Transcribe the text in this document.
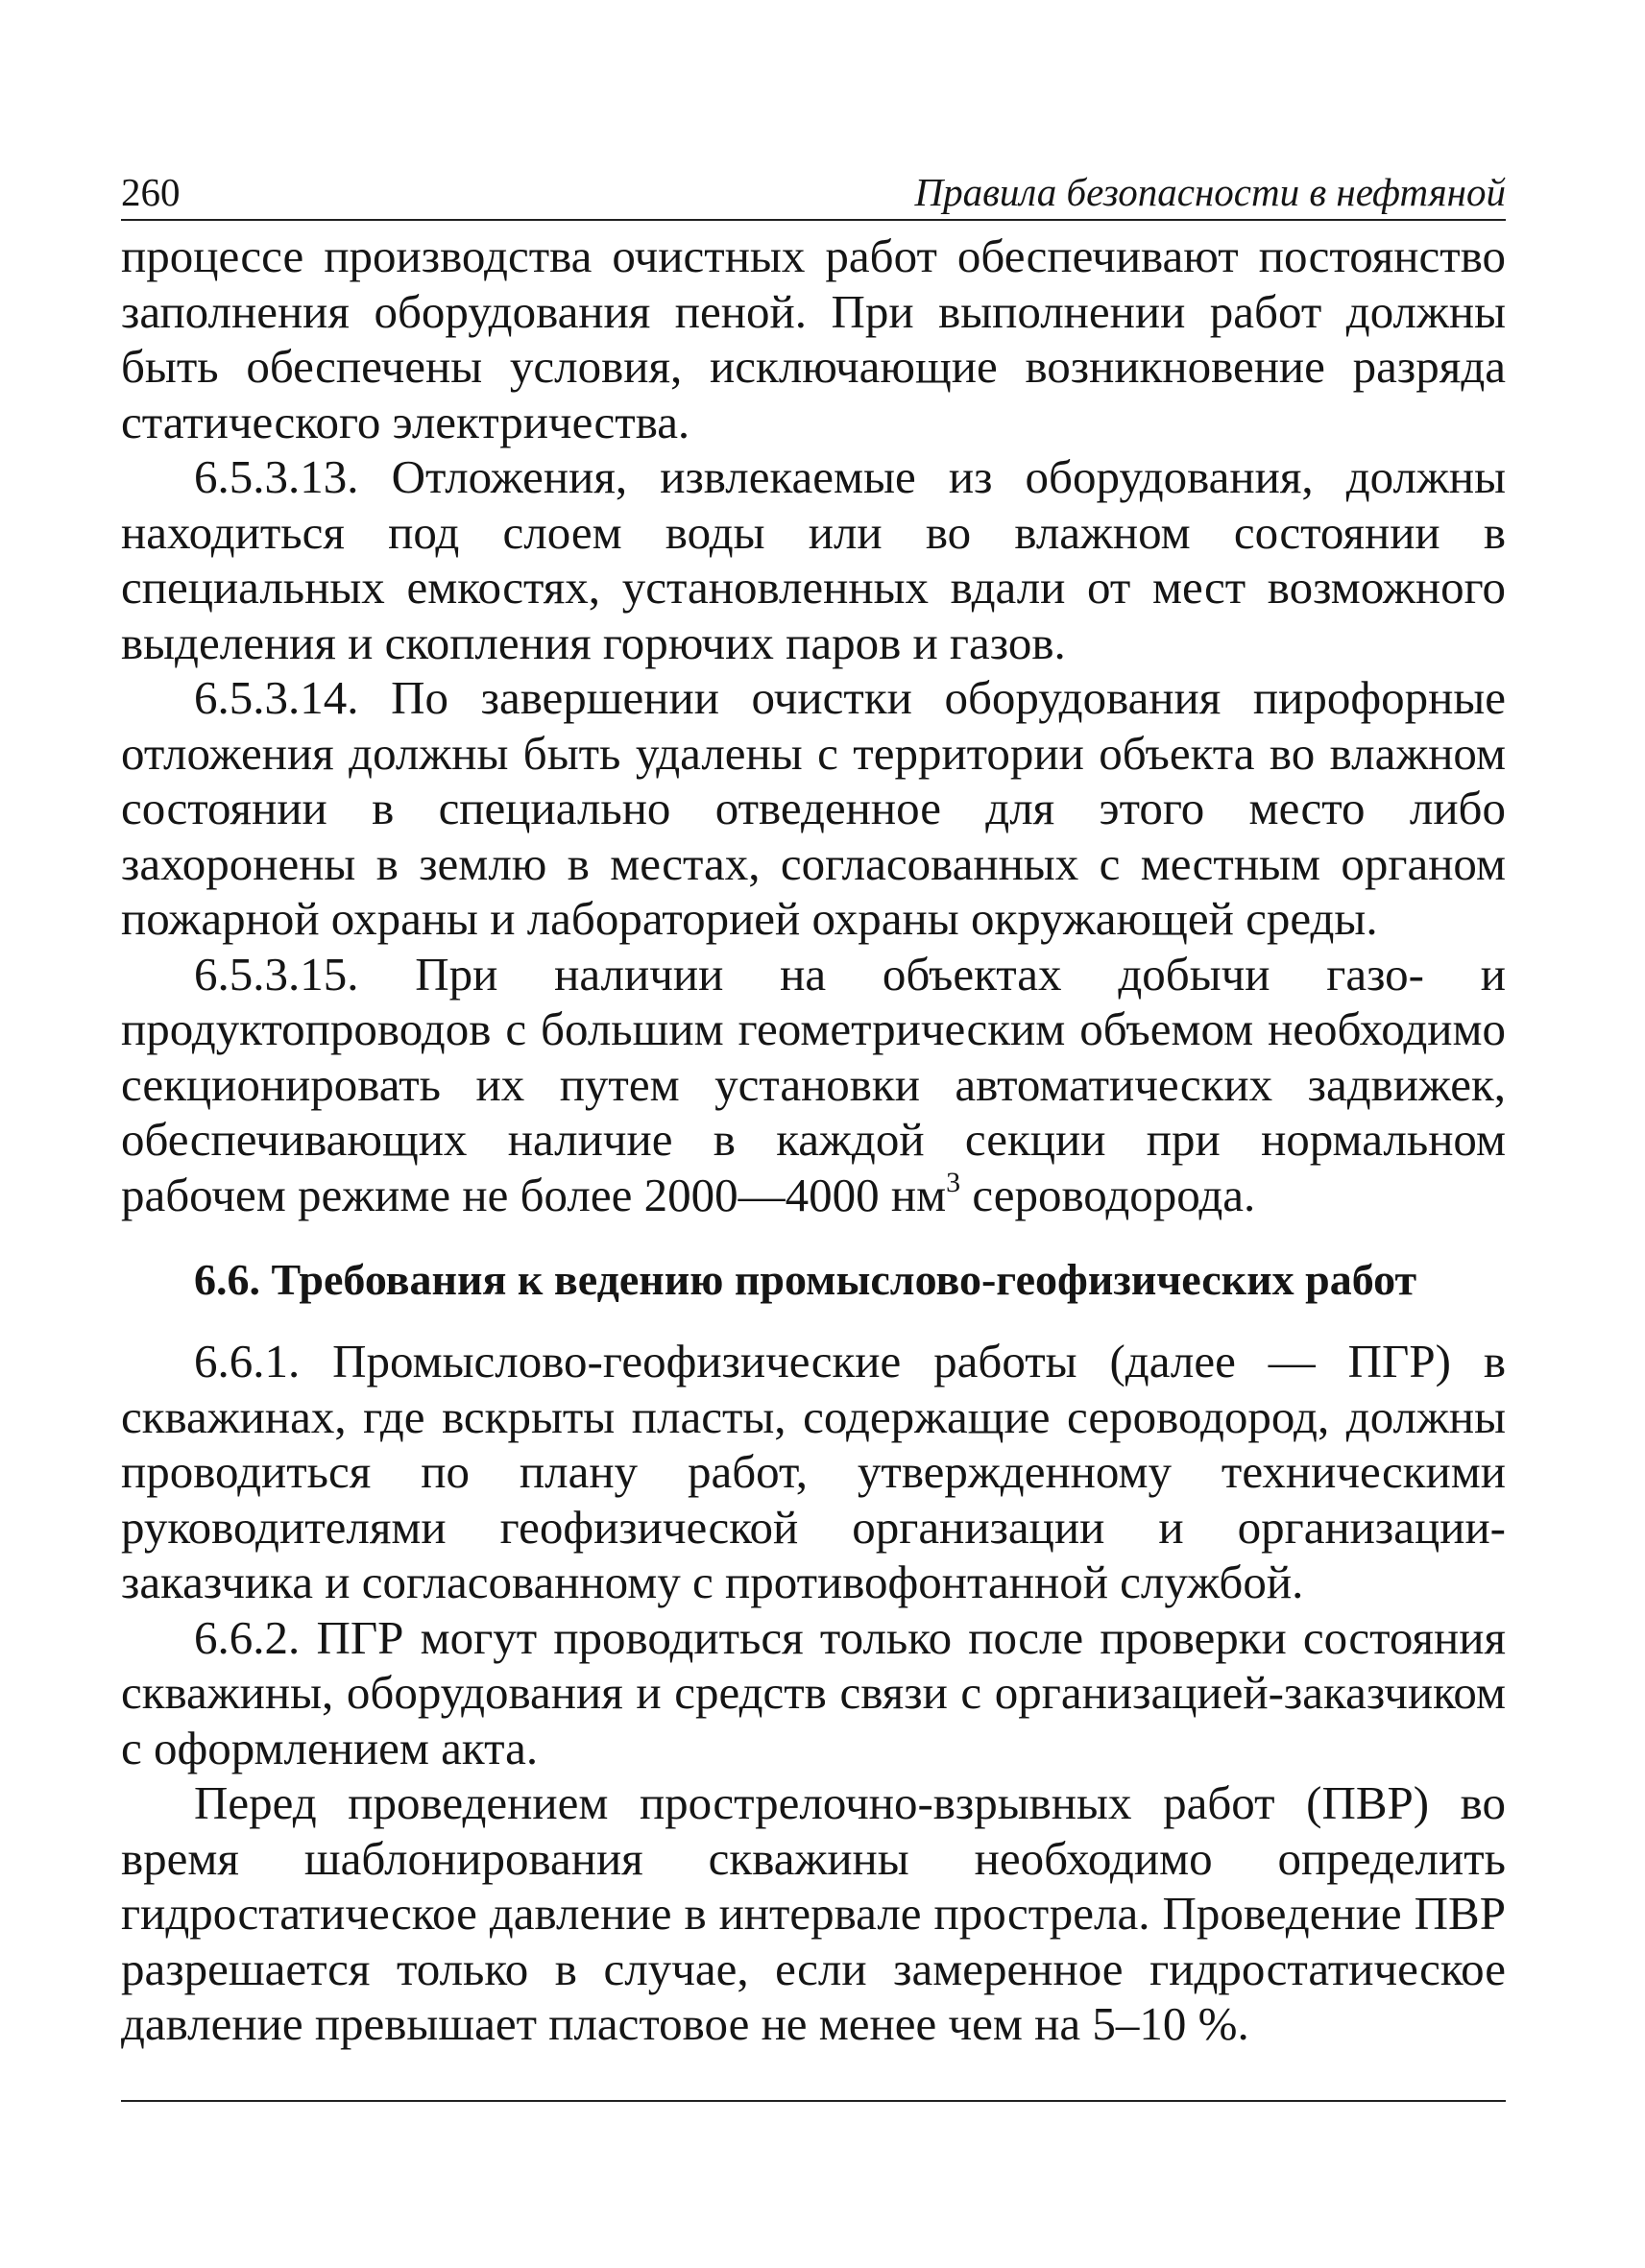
260	Правила безопасности в нефтяной

процессе производства очистных работ обеспечивают постоянство заполнения оборудования пеной. При выполнении работ должны быть обеспечены условия, исключающие возникновение разряда статического электричества.

6.5.3.13. Отложения, извлекаемые из оборудования, должны находиться под слоем воды или во влажном состоянии в специальных емкостях, установленных вдали от мест возможного выделения и скопления горючих паров и газов.

6.5.3.14. По завершении очистки оборудования пирофорные отложения должны быть удалены с территории объекта во влажном состоянии в специально отведенное для этого место либо захоронены в землю в местах, согласованных с местным органом пожарной охраны и лабораторией охраны окружающей среды.

6.5.3.15. При наличии на объектах добычи газо- и продуктопроводов с большим геометрическим объемом необходимо секционировать их путем установки автоматических задвижек, обеспечивающих наличие в каждой секции при нормальном рабочем режиме не более 2000—4000 $нм^3$ сероводорода.

6.6. Требования к ведению промыслово-геофизических работ

6.6.1. Промыслово-геофизические работы (далее — ПГР) в скважинах, где вскрыты пласты, содержащие сероводород, должны проводиться по плану работ, утвержденному техническими руководителями геофизической организации и организации-заказчика и согласованному с противофонтанной службой.

6.6.2. ПГР могут проводиться только после проверки состояния скважины, оборудования и средств связи с организацией-заказчиком с оформлением акта.

Перед проведением прострелочно-взрывных работ (ПВР) во время шаблонирования скважины необходимо определить гидростатическое давление в интервале прострела. Проведение ПВР разрешается только в случае, если замеренное гидростатическое давление превышает пластовое не менее чем на 5–10 %.
